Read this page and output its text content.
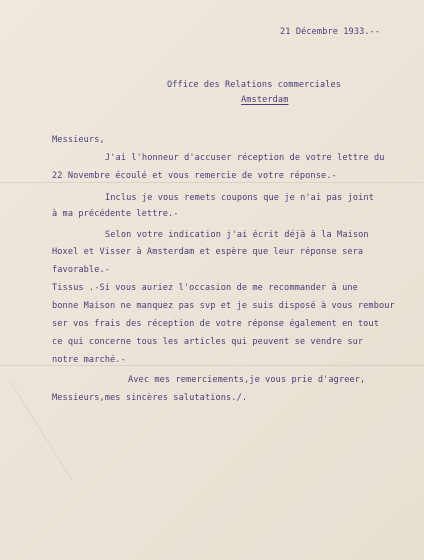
21 Décembre 1933.--
Office des Relations commerciales
Amsterdam
Messieurs,
J'ai l'honneur d'accuser réception de votre lettre du
22 Novembre écoulé et vous remercie de votre réponse.-
Inclus je vous remets coupons que je n'ai pas joint
à ma précédente lettre.-
Selon votre indication j'ai écrit déjà à la Maison
Hoxel et Visser à Amsterdam et espère que leur réponse sera
favorable.-
Tissus .-Si vous auriez l'occasion de me recommander à une
bonne Maison ne manquez pas svp et je suis disposé à vous rembour
ser vos frais des réception de votre réponse également en tout
ce qui concerne tous les articles qui peuvent se vendre sur
notre marché.-
Avec mes remerciements,je vous prie d'agreer,
Messieurs,mes sincères salutations./.
